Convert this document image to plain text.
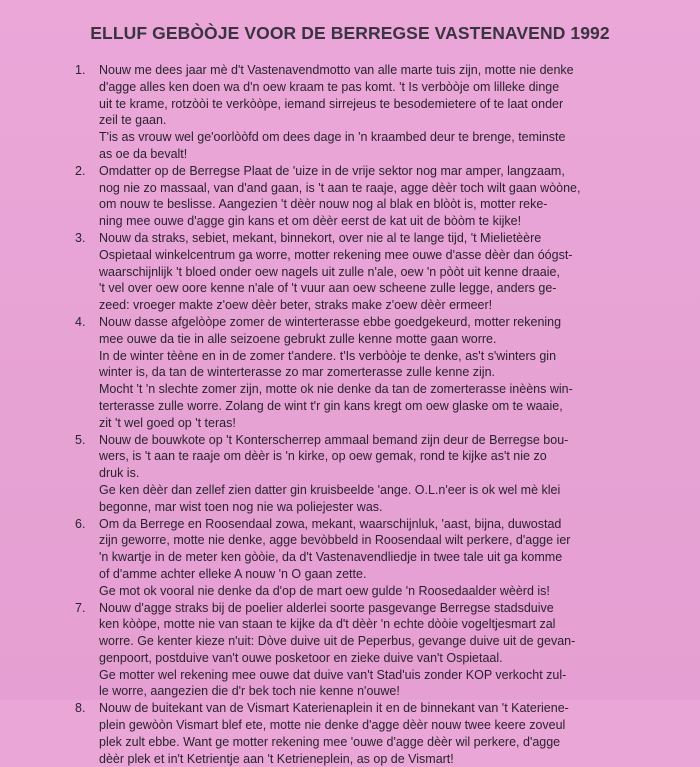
ELLUF GEBÒÒJE VOOR DE BERREGSE VASTENAVEND 1992
1. Nouw me dees jaar mè d't Vastenavendmotto van alle marte tuis zijn, motte nie denke
d'agge alles ken doen wa d'n oew kraam te pas komt. 't Is verbòòje om lilleke dinge
uit te krame, rotzòòi te verkòòpe, iemand sirrejeus te besodemietere of te laat onder
zeil te gaan.
T'is as vrouw wel ge'oorlòòfd om dees dage in 'n kraambed deur te brenge, teminste
as oe da bevalt!
2. Omdatter op de Berregse Plaat de 'uize in de vrije sektor nog mar amper, langzaam,
nog nie zo massaal, van d'and gaan, is 't aan te raaje, agge dèèr toch wilt gaan wòòne,
om nouw te beslisse. Aangezien 't dèèr nouw nog al blak en blòòt is, motter reke-
ning mee ouwe d'agge gin kans et om dèèr eerst de kat uit de bòòm te kijke!
3. Nouw da straks, sebiet, mekant, binnekort, over nie al te lange tijd, 't Mielietèère
Ospietaal winkelcentrum ga worre, motter rekening mee ouwe d'asse dèèr dan óógst-
waarschijnlijk 't bloed onder oew nagels uit zulle n'ale, oew 'n pòòt uit kenne draaie,
't vel over oew oore kenne n'ale of 't vuur aan oew scheene zulle legge, anders ge-
zeed: vroeger makte z'oew dèèr beter, straks make z'oew dèèr ermeer!
4. Nouw dasse afgelòòpe zomer de winterterasse ebbe goedgekeurd, motter rekening
mee ouwe da tie in alle seizoene gebrukt zulle kenne motte gaan worre.
In de winter tèène en in de zomer t'andere. t'Is verbòòje te denke, as't s'winters gin
winter is, da tan de winterterasse zo mar zomerterasse zulle kenne zijn.
Mocht 't 'n slechte zomer zijn, motte ok nie denke da tan de zomerterasse inèèns win-
terterasse zulle worre. Zolang de wint t'r gin kans kregt om oew glaske om te waaie,
zit 't wel goed op 't teras!
5. Nouw de bouwkote op 't Konterscherrep ammaal bemand zijn deur de Berregse bou-
wers, is 't aan te raaje om dèèr is 'n kirke, op oew gemak, rond te kijke as't nie zo
druk is.
Ge ken dèèr dan zellef zien datter gin kruisbeelde 'ange. O.L.n'eer is ok wel mè klei
begonne, mar wist toen nog nie wa poliejester was.
6. Om da Berrege en Roosendaal zowa, mekant, waarschijnluk, 'aast, bijna, duwostad
zijn geworre, motte nie denke, agge bevòbbeld in Roosendaal wilt perkere, d'agge ier
'n kwartje in de meter ken gòòie, da d't Vastenavendliedje in twee tale uit ga komme
of d'amme achter elleke A nouw 'n O gaan zette.
Ge mot ok vooral nie denke da d'op de mart oew gulde 'n Roosedaalder wèèrd is!
7. Nouw d'agge straks bij de poelier alderlei soorte pasgevange Berregse stadsduive
ken kòòpe, motte nie van staan te kijke da d't dèèr 'n echte dòòie vogeltjesmart zal
worre. Ge kenter kieze n'uit: Dòve duive uit de Peperbus, gevange duive uit de gevan-
genpoort, postduive van't ouwe posketoor en zieke duive van't Ospietaal.
Ge motter wel rekening mee ouwe dat duive van't Stad'uis zonder KOP verkocht zul-
le worre, aangezien die d'r bek toch nie kenne n'ouwe!
8. Nouw de buitekant van de Vismart Katerienaplein it en de binnekant van 't Katerienе-
plein gewòòn Vismart blef ete, motte nie denke d'agge dèèr nouw twee keere zoveul
plek zult ebbe. Want ge motter rekening mee 'ouwe d'agge dèèr wil perkere, d'agge
dèèr plek et in't Ketrientje aan 't Ketrieneplein, as op de Vismart!
